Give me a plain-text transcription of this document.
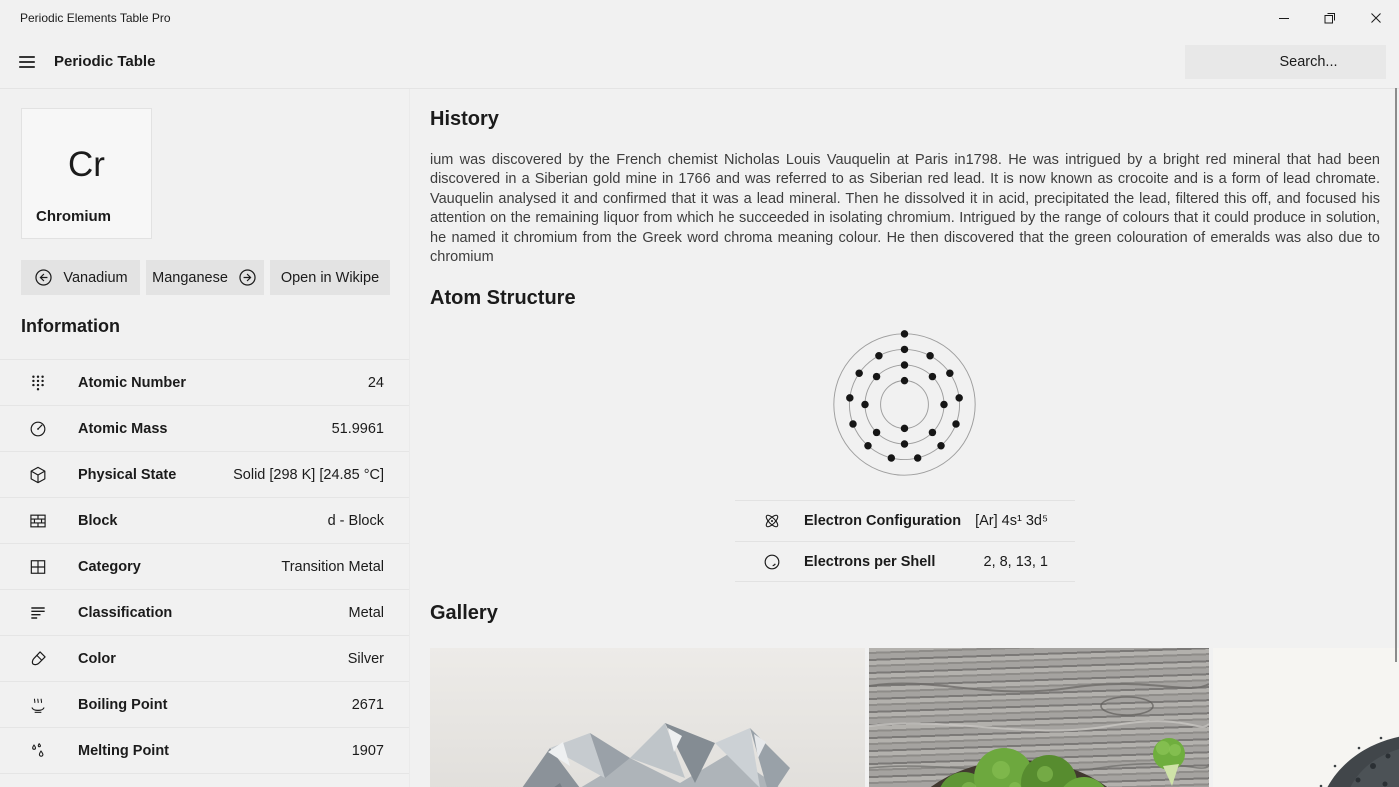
Periodic Elements Table Pro
Periodic Table
Search...
Cr
Chromium
Vanadium Manganese	Open in Wikipe
Information
Atomic Number	24
Atomic Mass	51.9961
Physical State	Solid [298 K] [24.85 °C]
Block	d - Block
Category	Transition Metal
Classification	Metal
Color	Silver
Boiling Point	2671
Melting Point	1907
History
ium was discovered by the French chemist Nicholas Louis Vauquelin at Paris in1798. He was intrigued by a bright red mineral that had been discovered in a Siberian gold mine in 1766 and was referred to as Siberian red lead. It is now known as crocoite and is a form of lead chromate. Vauquelin analysed it and confirmed that it was a lead mineral. Then he dissolved it in acid, precipitated the lead, filtered this off, and focused his attention on the remaining liquor from which he succeeded in isolating chromium. Intrigued by the range of colours that it could produce in solution, he named it chromium from the Greek word chroma meaning colour. He then discovered that the green colouration of emeralds was also due to chromium
Atom Structure
Electron Configuration [Ar] 4s¹ 3d⁵
Electrons per Shell	2, 8, 13, 1
Gallery
